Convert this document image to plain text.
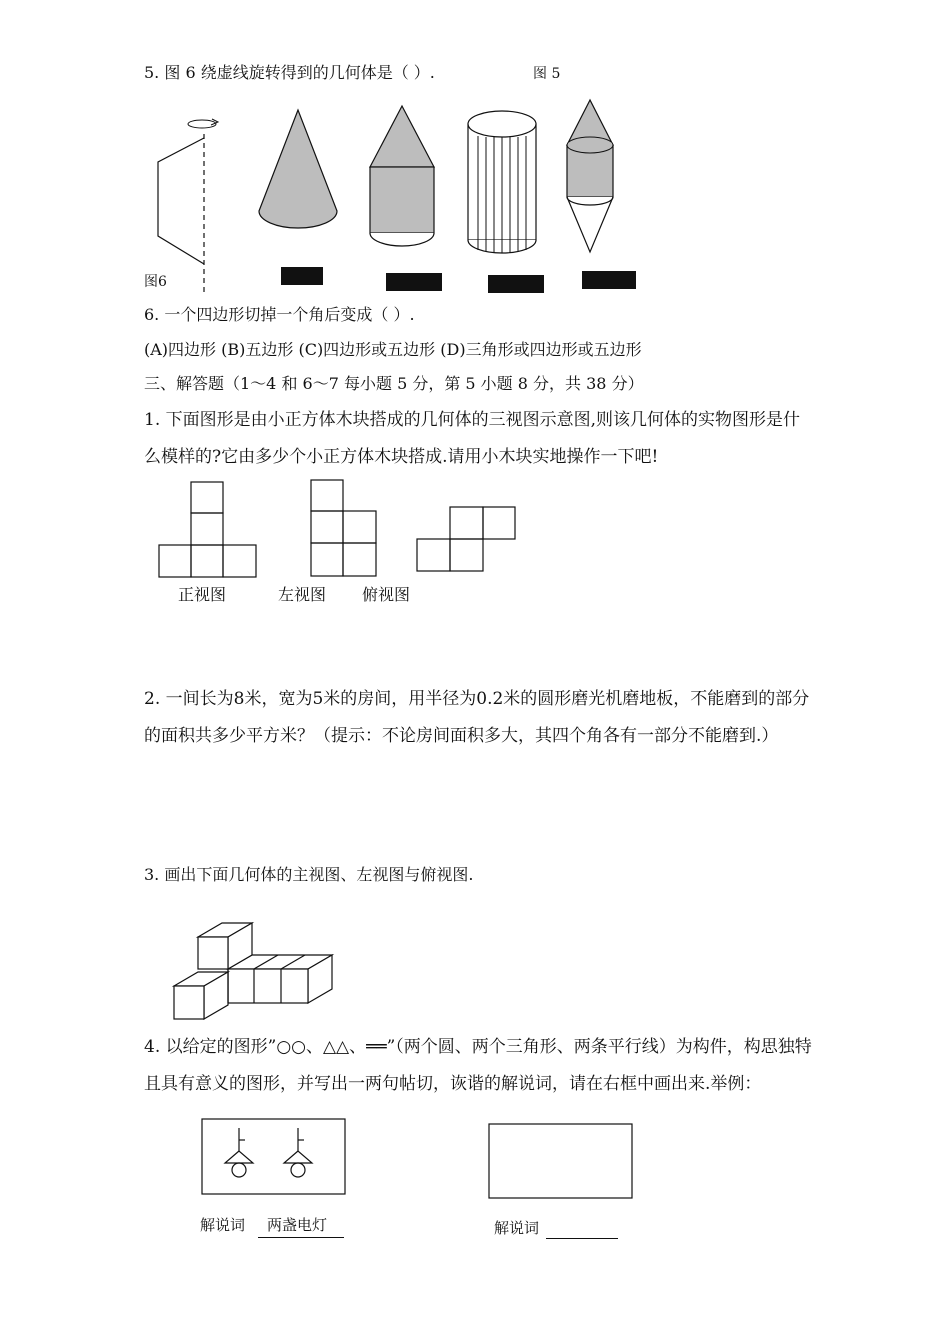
5. 图 6 绕虚线旋转得到的几何体是（ ）.	图 5
图6
6. 一个四边形切掉一个角后变成（ ）.
(A)四边形 (B)五边形 (C)四边形或五边形 (D)三角形或四边形或五边形
三、解答题（1～4 和 6～7 每小题 5 分，第 5 小题 8 分，共 38 分）
1. 下面图形是由小正方体木块搭成的几何体的三视图示意图,则该几何体的实物图形是什
么模样的?它由多少个小正方体木块搭成.请用小木块实地操作一下吧!
正视图	左视图 俯视图
2. 一间长为8米，宽为5米的房间，用半径为0.2米的圆形磨光机磨地板，不能磨到的部分
的面积共多少平方米？（提示：不论房间面积多大，其四个角各有一部分不能磨到.）
3. 画出下面几何体的主视图、左视图与俯视图.
4. 以给定的图形”○○、△△、══”（两个圆、两个三角形、两条平行线）为构件，构思独特
且具有意义的图形，并写出一两句帖切，诙谐的解说词，请在右框中画出来.举例：
解说词 两盏电灯	解说词
